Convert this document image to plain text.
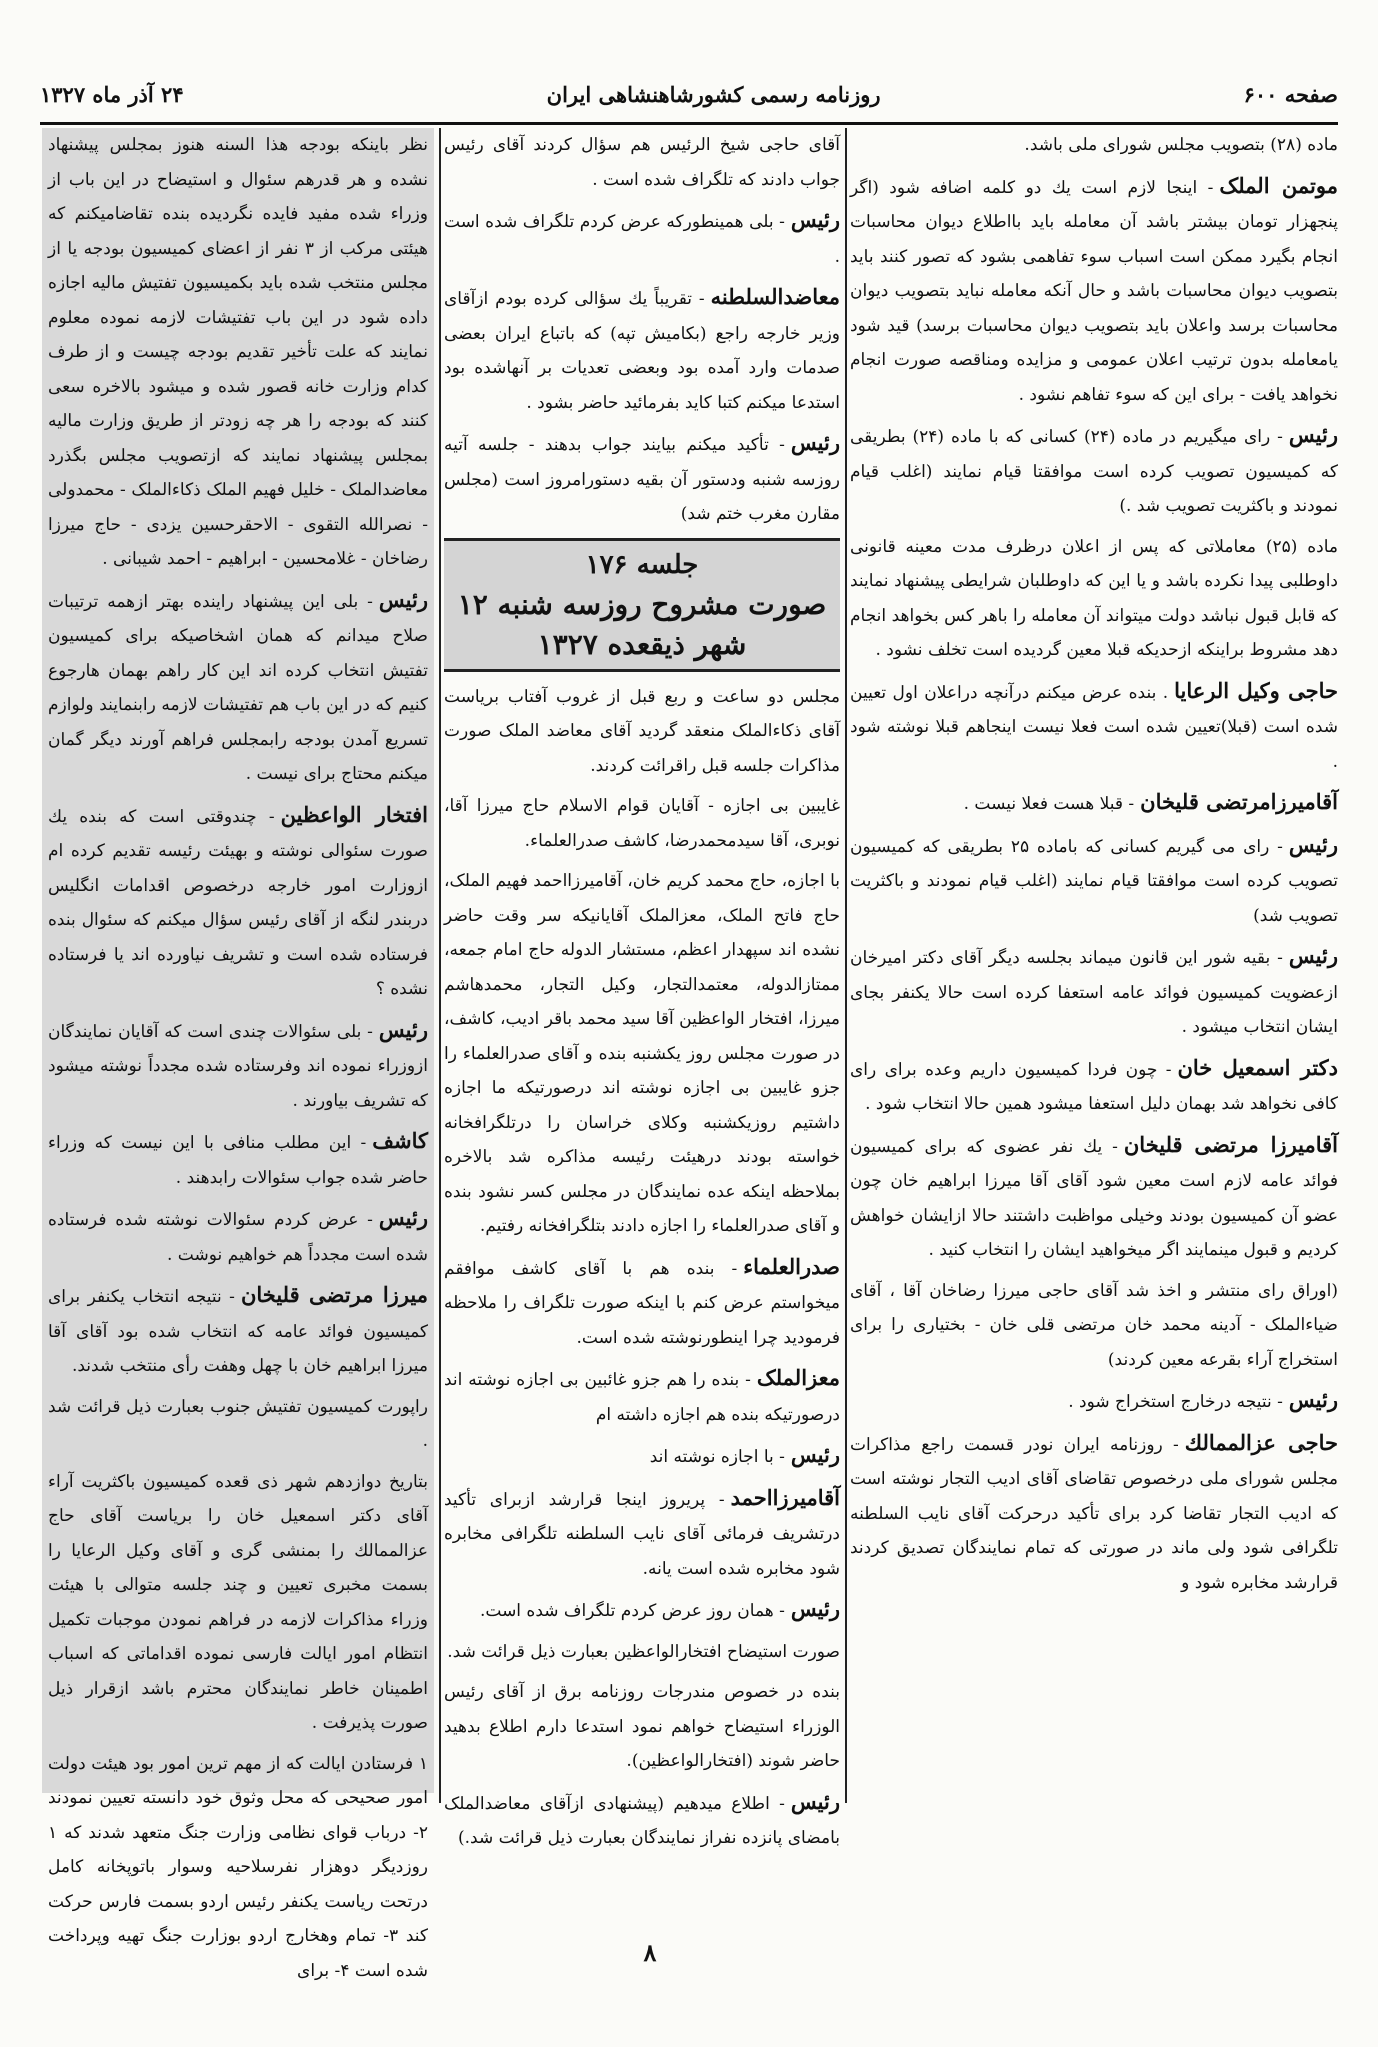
صفحه ۶۰۰
روزنامه رسمی کشورشاهنشاهی ایران
۲۴ آذر ماه ۱۳۲۷

ماده (۲۸) بتصویب مجلس شورای ملی باشد.

موتمن الملک- اینجا لازم است یك دو کلمه اضافه شود (اگر پنجهزار تومان بیشتر باشد آن معامله باید بااطلاع دیوان محاسبات انجام بگیرد ممکن است اسباب سوء تفاهمی بشود که تصور کنند باید بتصویب دیوان محاسبات باشد و حال آنکه معامله نباید بتصویب دیوان محاسبات برسد واعلان باید بتصویب دیوان محاسبات برسد) قید شود یامعامله بدون ترتیب اعلان عمومی و مزایده ومناقصه صورت انجام نخواهد یافت - برای این که سوء تفاهم نشود .

رئیس- رای میگیریم در ماده (۲۴) کسانی که با ماده (۲۴) بطریقی که کمیسیون تصویب کرده است موافقتا قیام نمایند (اغلب قیام نمودند و باکثریت تصویب شد .)

ماده (۲۵) معاملاتی که پس از اعلان درظرف مدت معینه قانونی داوطلبی پیدا نکرده باشد و یا این که داوطلبان شرایطی پیشنهاد نمایند که قابل قبول نباشد دولت میتواند آن معامله را باهر کس بخواهد انجام دهد مشروط براینکه ازحدیکه قبلا معین گردیده است تخلف نشود .

حاجی وکیل الرعایا. بنده عرض میکنم درآنچه دراعلان اول تعیین شده است (قبلا)تعیین شده است فعلا نیست اینجاهم قبلا نوشته شود .

آقامیرزامرتضی قلیخان- قبلا هست فعلا نیست .

رئیس- رای می گیریم کسانی که باماده ۲۵ بطریقی که کمیسیون تصویب کرده است موافقتا قیام نمایند (اغلب قیام نمودند و باکثریت تصویب شد)

رئیس- بقیه شور این قانون میماند بجلسه دیگر آقای دکتر امیرخان ازعضویت کمیسیون فوائد عامه استعفا کرده است حالا یکنفر بجای ایشان انتخاب میشود .

دکتر اسمعیل خان- چون فردا کمیسیون داریم وعده برای رای کافی نخواهد شد بهمان دلیل استعفا میشود همین حالا انتخاب شود .

آقامیرزا مرتضی قلیخان- یك نفر عضوی که برای کمیسیون فوائد عامه لازم است معین شود آقای آقا میرزا ابراهیم خان چون عضو آن کمیسیون بودند وخیلی مواظبت داشتند حالا ازایشان خواهش کردیم و قبول مینمایند اگر میخواهید ایشان را انتخاب کنید .

(اوراق رای منتشر و اخذ شد آقای حاجی میرزا رضاخان آقا ، آقای ضیاءالملک - آدینه محمد خان مرتضی قلی خان - بختیاری را برای استخراج آراء بقرعه معین کردند)

رئیس- نتیجه درخارج استخراج شود .

حاجی عزالممالك- روزنامه ایران نودر قسمت راجع مذاکرات مجلس شورای ملی درخصوص تقاضای آقای ادیب التجار نوشته است که ادیب التجار تقاضا کرد برای تأکید درحرکت آقای نایب السلطنه تلگرافی شود ولی ماند در صورتی که تمام نمایندگان تصدیق کردند قرارشد مخابره شود و

آقای حاجی شیخ الرئیس هم سؤال کردند آقای رئیس جواب دادند که تلگراف شده است .

رئیس- بلی همینطورکه عرض کردم تلگراف شده است .

معاضدالسلطنه- تقریباً یك سؤالی کرده بودم ازآقای وزیر خارجه راجع (بکامیش تپه) که باتباع ایران بعضی صدمات وارد آمده بود وبعضی تعدیات بر آنهاشده بود استدعا میکنم کتبا کاید بفرمائید حاضر بشود .

رئیس- تأکید میکنم بیایند جواب بدهند - جلسه آتیه روزسه شنبه ودستور آن بقیه دستورامروز است (مجلس مقارن مغرب ختم شد)

جلسه ۱۷۶
صورت مشروح روزسه شنبه ۱۲
شهر ذیقعده ۱۳۲۷

مجلس دو ساعت و ربع قبل از غروب آفتاب بریاست آقای ذکاءالملک منعقد گردید آقای معاضد الملک صورت مذاکرات جلسه قبل راقرائت کردند.

غایبین بی اجازه - آقایان قوام الاسلام حاج میرزا آقا، نوبری، آقا سیدمحمدرضا، کاشف صدرالعلماء.

با اجازه، حاج محمد کریم خان، آقامیرزااحمد فهیم الملک، حاج فاتح الملک، معزالملک آقایانیکه سر وقت حاضر نشده اند سپهدار اعظم، مستشار الدوله حاج امام جمعه، ممتازالدوله، معتمدالتجار، وکیل التجار، محمدهاشم میرزا، افتخار الواعظین آقا سید محمد باقر ادیب، کاشف، در صورت مجلس روز یکشنبه بنده و آقای صدرالعلماء را جزو غایبین بی اجازه نوشته اند درصورتیکه ما اجازه داشتیم روزیکشنبه وکلای خراسان را درتلگرافخانه خواسته بودند درهیئت رئیسه مذاکره شد بالاخره بملاحظه اینکه عده نمایندگان در مجلس کسر نشود بنده و آقای صدرالعلماء را اجازه دادند بتلگرافخانه رفتیم.

صدرالعلماء- بنده هم با آقای کاشف موافقم میخواستم عرض کنم با اینکه صورت تلگراف را ملاحظه فرمودید چرا اینطورنوشته شده است.

معزالملک- بنده را هم جزو غائبین بی اجازه نوشته اند درصورتیکه بنده هم اجازه داشته ام

رئیس- با اجازه نوشته اند

آقامیرزااحمد- پریروز اینجا قرارشد ازبرای تأکید درتشریف فرمائی آقای نایب السلطنه تلگرافی مخابره شود مخابره شده است یانه.

رئیس- همان روز عرض کردم تلگراف شده است.

صورت استیضاح افتخارالواعظین بعبارت ذیل قرائت شد.

بنده در خصوص مندرجات روزنامه برق از آقای رئیس الوزراء استیضاح خواهم نمود استدعا دارم اطلاع بدهید حاضر شوند (افتخارالواعظین).

رئیس- اطلاع میدهیم (پیشنهادی ازآقای معاضدالملک بامضای پانزده نفراز نمایندگان بعبارت ذیل قرائت شد.)

نظر باینکه بودجه هذا السنه هنوز بمجلس پیشنهاد نشده و هر قدرهم سئوال و استیضاح در این باب از وزراء شده مفید فایده نگردیده بنده تقاضامیکنم که هیئتی مرکب از ۳ نفر از اعضای کمیسیون بودجه یا از مجلس منتخب شده باید بکمیسیون تفتیش مالیه اجازه داده شود در این باب تفتیشات لازمه نموده معلوم نمایند که علت تأخیر تقدیم بودجه چیست و از طرف کدام وزارت خانه قصور شده و میشود بالاخره سعی کنند که بودجه را هر چه زودتر از طریق وزارت مالیه بمجلس پیشنهاد نمایند که ازتصویب مجلس بگذرد معاضدالملک - خلیل فهیم الملک ذکاءالملک - محمدولی - نصرالله التقوی - الاحقرحسین یزدی - حاج میرزا رضاخان - غلامحسین - ابراهیم - احمد شیبانی .

رئیس- بلی این پیشنهاد راینده بهتر ازهمه ترتیبات صلاح میدانم که همان اشخاصیکه برای کمیسیون تفتیش انتخاب کرده اند این کار راهم بهمان هارجوع کنیم که در این باب هم تفتیشات لازمه رابنمایند ولوازم تسریع آمدن بودجه رابمجلس فراهم آورند دیگر گمان میکنم محتاج برای نیست .

افتخار الواعظین- چندوقتی است که بنده یك صورت سئوالی نوشته و بهیئت رئیسه تقدیم کرده ام ازوزارت امور خارجه درخصوص اقدامات انگلیس دربندر لنگه از آقای رئیس سؤال میکنم که سئوال بنده فرستاده شده است و تشریف نیاورده اند یا فرستاده نشده ؟

رئیس- بلی سئوالات چندی است که آقایان نمایندگان ازوزراء نموده اند وفرستاده شده مجدداً نوشته میشود که تشریف بیاورند .

کاشف- این مطلب منافی با این نیست که وزراء حاضر شده جواب سئوالات رابدهند .

رئیس- عرض کردم سئوالات نوشته شده فرستاده شده است مجدداً هم خواهیم نوشت .

میرزا مرتضی قلیخان- نتیجه انتخاب یکنفر برای کمیسیون فوائد عامه که انتخاب شده بود آقای آقا میرزا ابراهیم خان با چهل وهفت رأی منتخب شدند.

راپورت کمیسیون تفتیش جنوب بعبارت ذیل قرائت شد .

بتاریخ دوازدهم شهر ذی قعده کمیسیون باکثریت آراء آقای دکتر اسمعیل خان را بریاست آقای حاج عزالممالك را بمنشی گری و آقای وکیل الرعایا را بسمت مخبری تعیین و چند جلسه متوالی با هیئت وزراء مذاکرات لازمه در فراهم نمودن موجبات تکمیل انتظام امور ایالت فارسی نموده اقداماتی که اسباب اطمینان خاطر نمایندگان محترم باشد ازقرار ذیل صورت پذیرفت .

۱ فرستادن ایالت که از مهم ترین امور بود هیئت دولت امور صحیحی که محل وثوق خود دانسته تعیین نمودند ۲- درباب قوای نظامی وزارت جنگ متعهد شدند که ۱ روزدیگر دوهزار نفرسلاحیه وسوار باتوپخانه کامل درتحت ریاست یکنفر رئیس اردو بسمت فارس حرکت کند ۳- تمام وهخارج اردو بوزارت جنگ تهیه وپرداخت شده است ۴- برای

۸
